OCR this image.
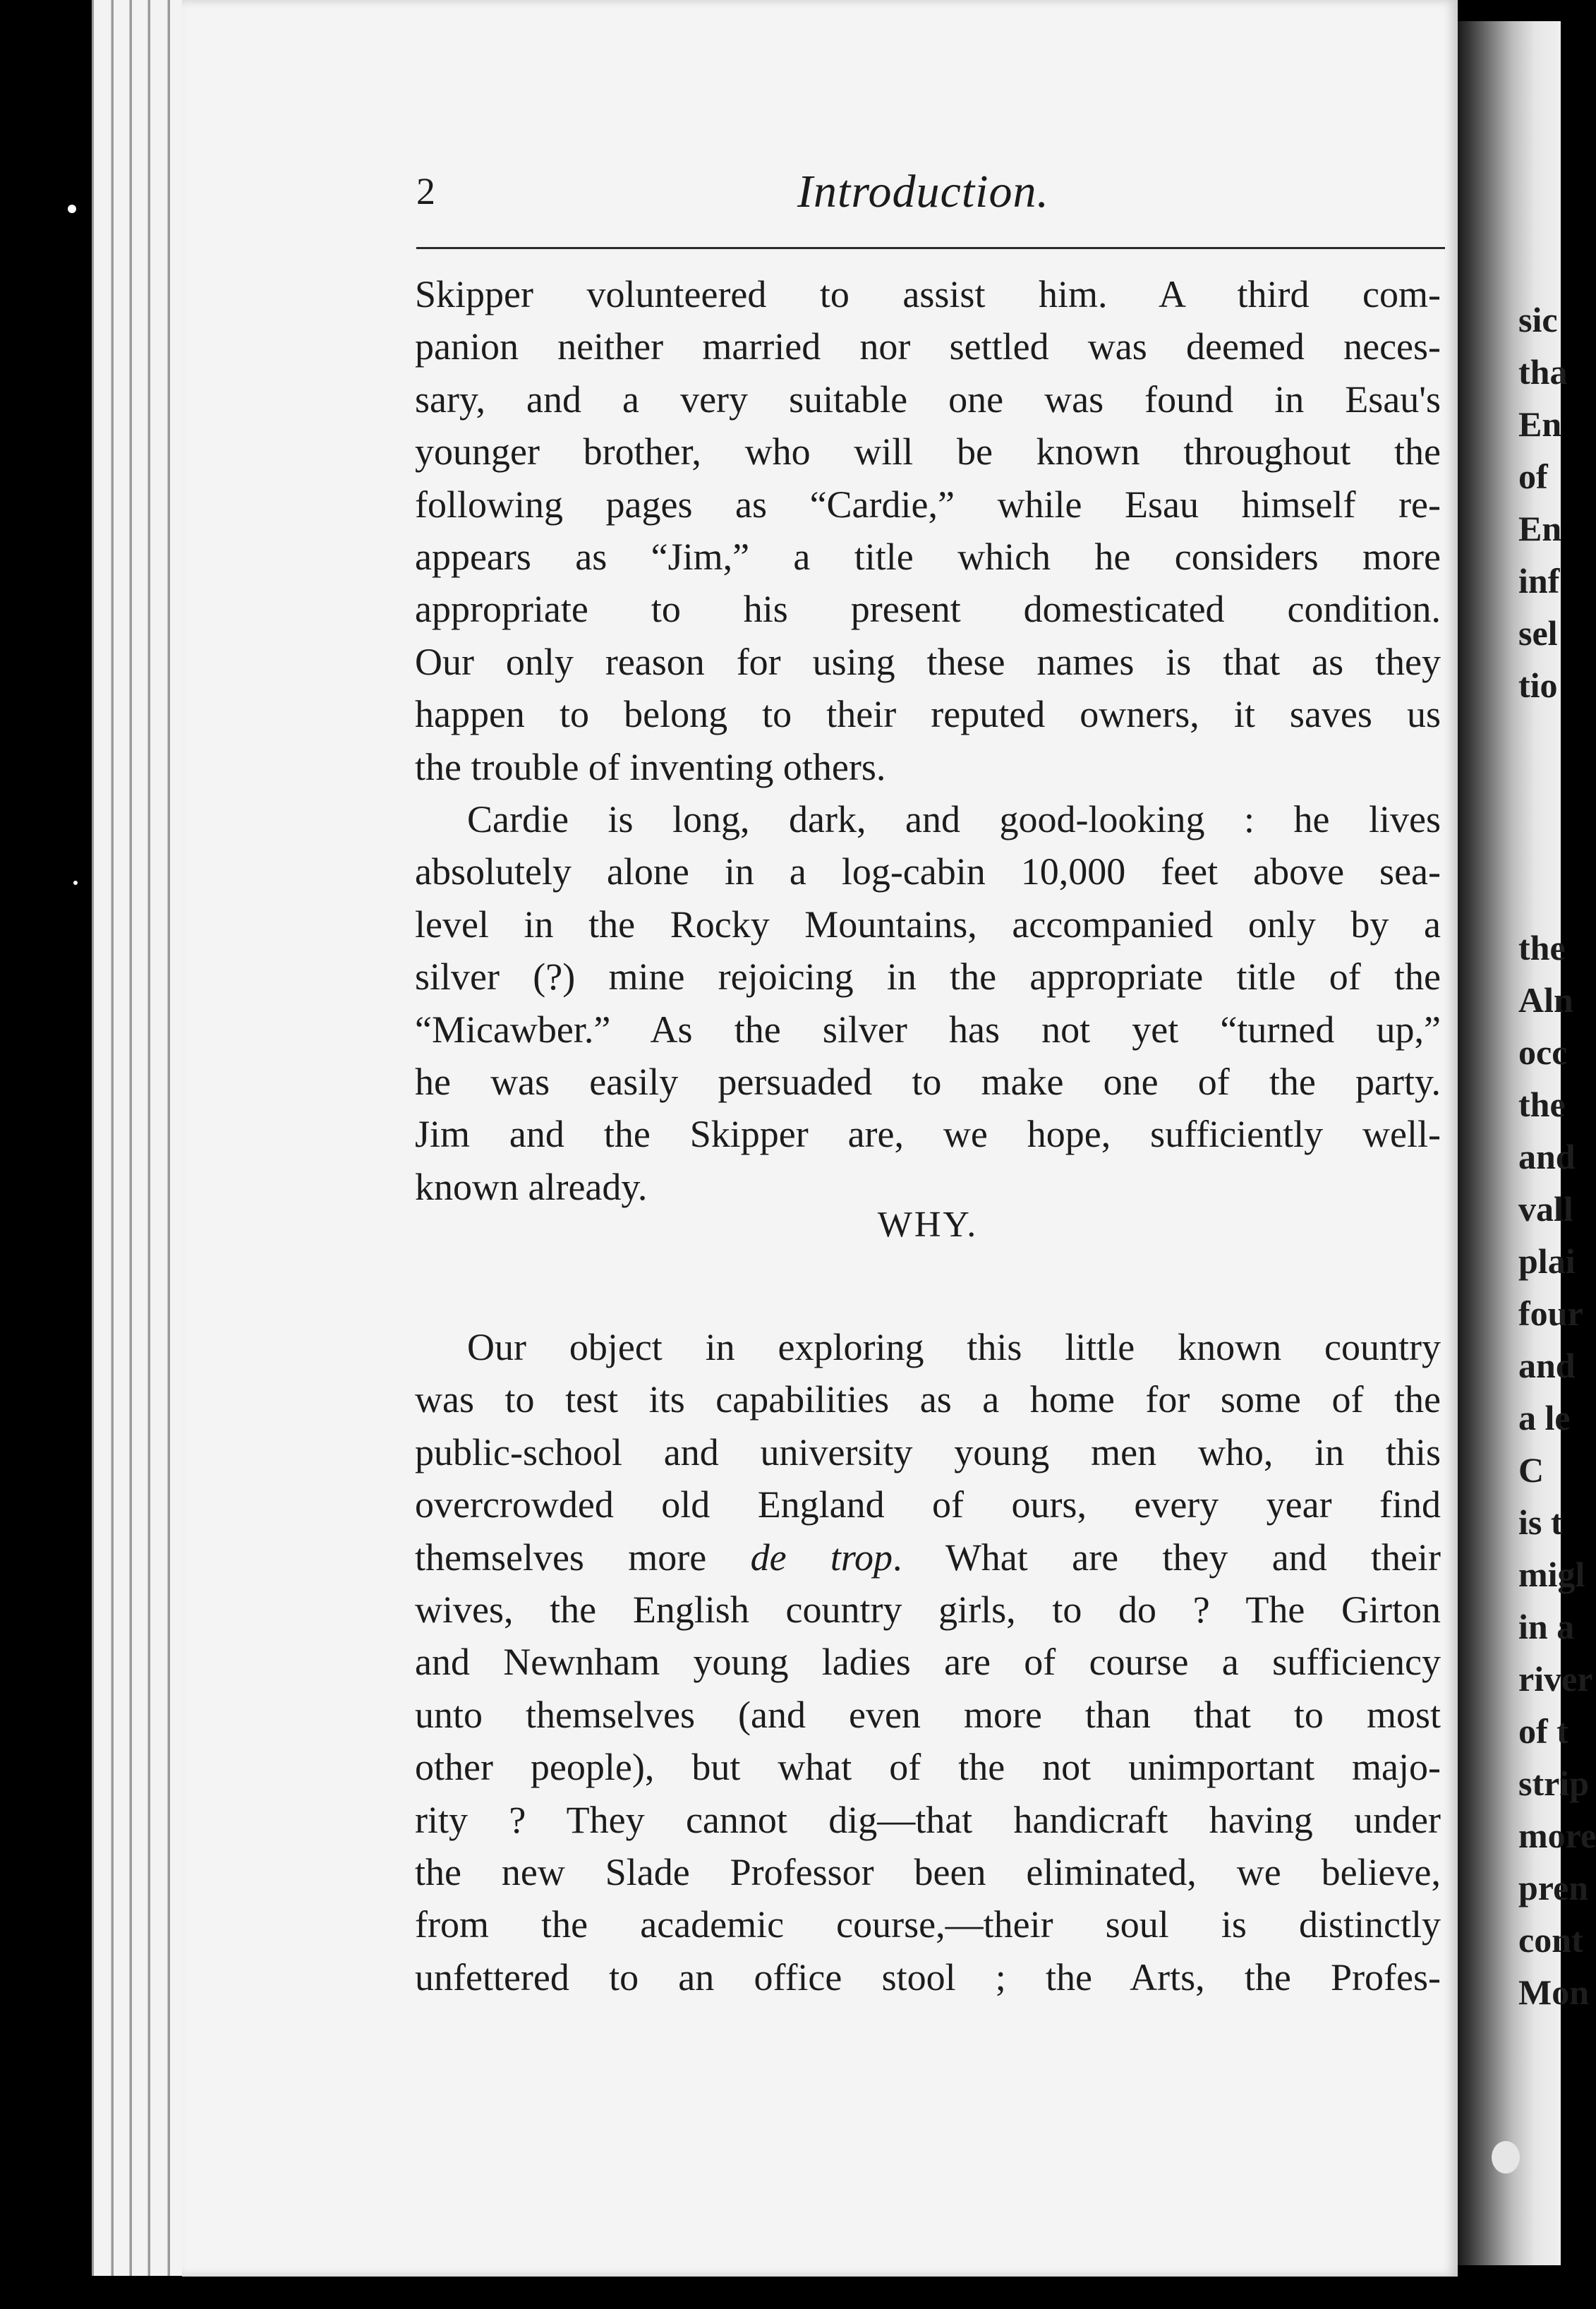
2	Introduction.
Skipper volunteered to assist him. A third com-
panion neither married nor settled was deemed neces-
sary, and a very suitable one was found in Esau's
younger brother, who will be known throughout the
following pages as “Cardie,” while Esau himself re-
appears as “Jim,” a title which he considers more
appropriate to his present domesticated condition.
Our only reason for using these names is that as they
happen to belong to their reputed owners, it saves us
the trouble of inventing others.
Cardie is long, dark, and good-looking : he lives
absolutely alone in a log-cabin 10,000 feet above sea-
level in the Rocky Mountains, accompanied only by a
silver (?) mine rejoicing in the appropriate title of the
“Micawber.” As the silver has not yet “turned up,”
he was easily persuaded to make one of the party.
Jim and the Skipper are, we hope, sufficiently well-
known already.
WHY.
Our object in exploring this little known country
was to test its capabilities as a home for some of the
public-school and university young men who, in this
overcrowded old England of ours, every year find
themselves more de trop. What are they and their
wives, the English country girls, to do ? The Girton
and Newnham young ladies are of course a sufficiency
unto themselves (and even more than that to most
other people), but what of the not unimportant majo-
rity ? They cannot dig—that handicraft having under
the new Slade Professor been eliminated, we believe,
from the academic course,—their soul is distinctly
unfettered to an office stool ; the Arts, the Profes-
sic
tha
En
of
En
inf
sel
tio
the
Aln
occ
the
and
vall
plai
four
and
a le
C
is t
migl
in a
river
of t
strip
more
pren
cont
Mon
